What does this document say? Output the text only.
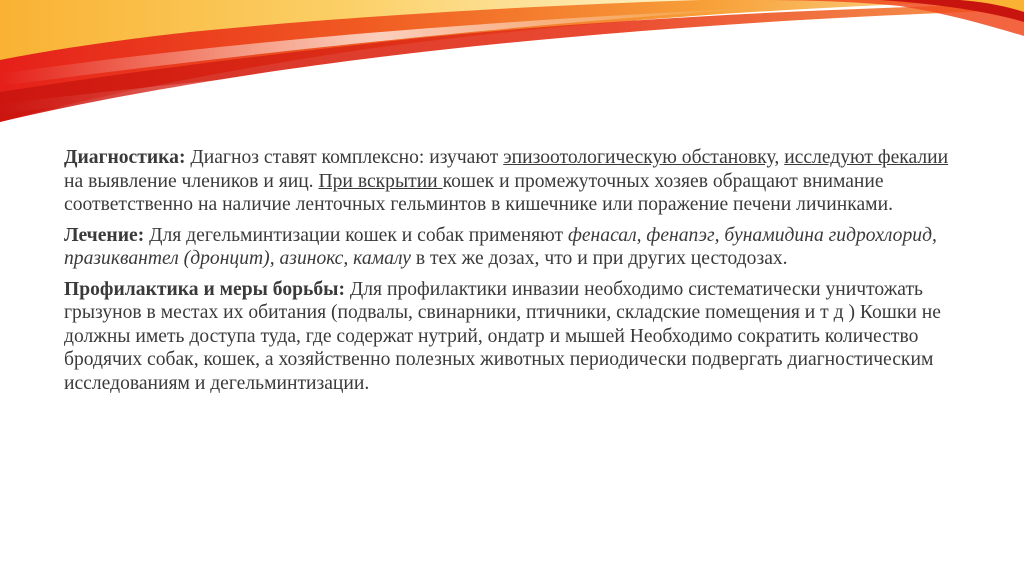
Диагностика: Диагноз ставят комплексно: изучают эпизоотологическую обстановку, исследуют фекалии на выявление члеников и яиц. При вскрытии кошек и промежуточных хозяев обращают внимание соответственно на наличие ленточных гельминтов в кишечнике или поражение печени личинками.

Лечение: Для дегельминтизации кошек и собак применяют фенасал, фенапэг, бунамидина гидрохлорид, празиквантел (дронцит), азинокс, камалу в тех же дозах, что и при других цестодозах.

Профилактика и меры борьбы: Для профилактики инвазии необходимо систематически уничтожать грызунов в местах их обитания (подвалы, свинарники, птичники, складские помещения и т д ) Кошки не должны иметь доступа туда, где содержат нутрий, ондатр и мышей Необходимо сократить количество бродячих собак, кошек, а хозяйственно полезных животных периодически подвергать диагностическим исследованиям и дегельминтизации.
